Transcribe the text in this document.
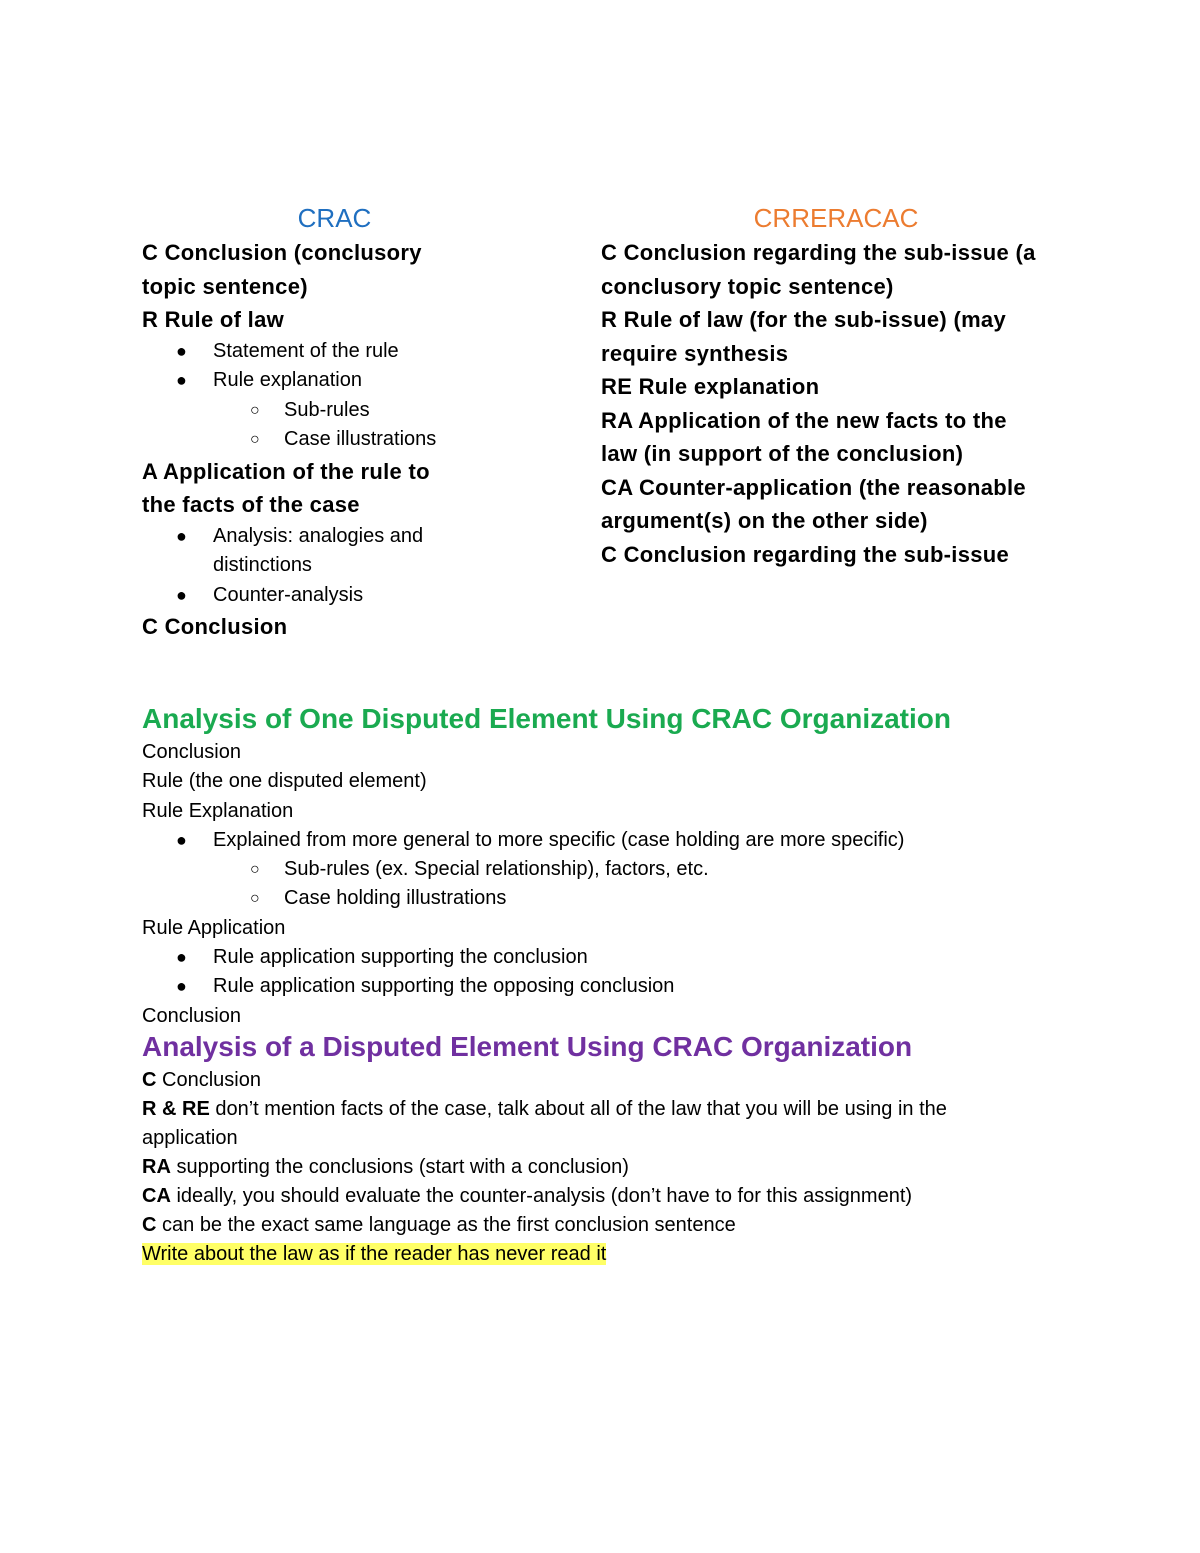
CRAC
C Conclusion (conclusory topic sentence)
R Rule of law
● Statement of the rule
● Rule explanation
○ Sub-rules
○ Case illustrations
A Application of the rule to the facts of the case
● Analysis: analogies and distinctions
● Counter-analysis
C Conclusion
CRRERACAC
C Conclusion regarding the sub-issue (a conclusory topic sentence)
R Rule of law (for the sub-issue) (may require synthesis
RE Rule explanation
RA Application of the new facts to the law (in support of the conclusion)
CA Counter-application (the reasonable argument(s) on the other side)
C Conclusion regarding the sub-issue
Analysis of One Disputed Element Using CRAC Organization
Conclusion
Rule (the one disputed element)
Rule Explanation
● Explained from more general to more specific (case holding are more specific)
○ Sub-rules (ex. Special relationship), factors, etc.
○ Case holding illustrations
Rule Application
● Rule application supporting the conclusion
● Rule application supporting the opposing conclusion
Conclusion
Analysis of a Disputed Element Using CRAC Organization
C Conclusion
R & RE don’t mention facts of the case, talk about all of the law that you will be using in the application
RA supporting the conclusions (start with a conclusion)
CA ideally, you should evaluate the counter-analysis (don’t have to for this assignment)
C can be the exact same language as the first conclusion sentence
Write about the law as if the reader has never read it
